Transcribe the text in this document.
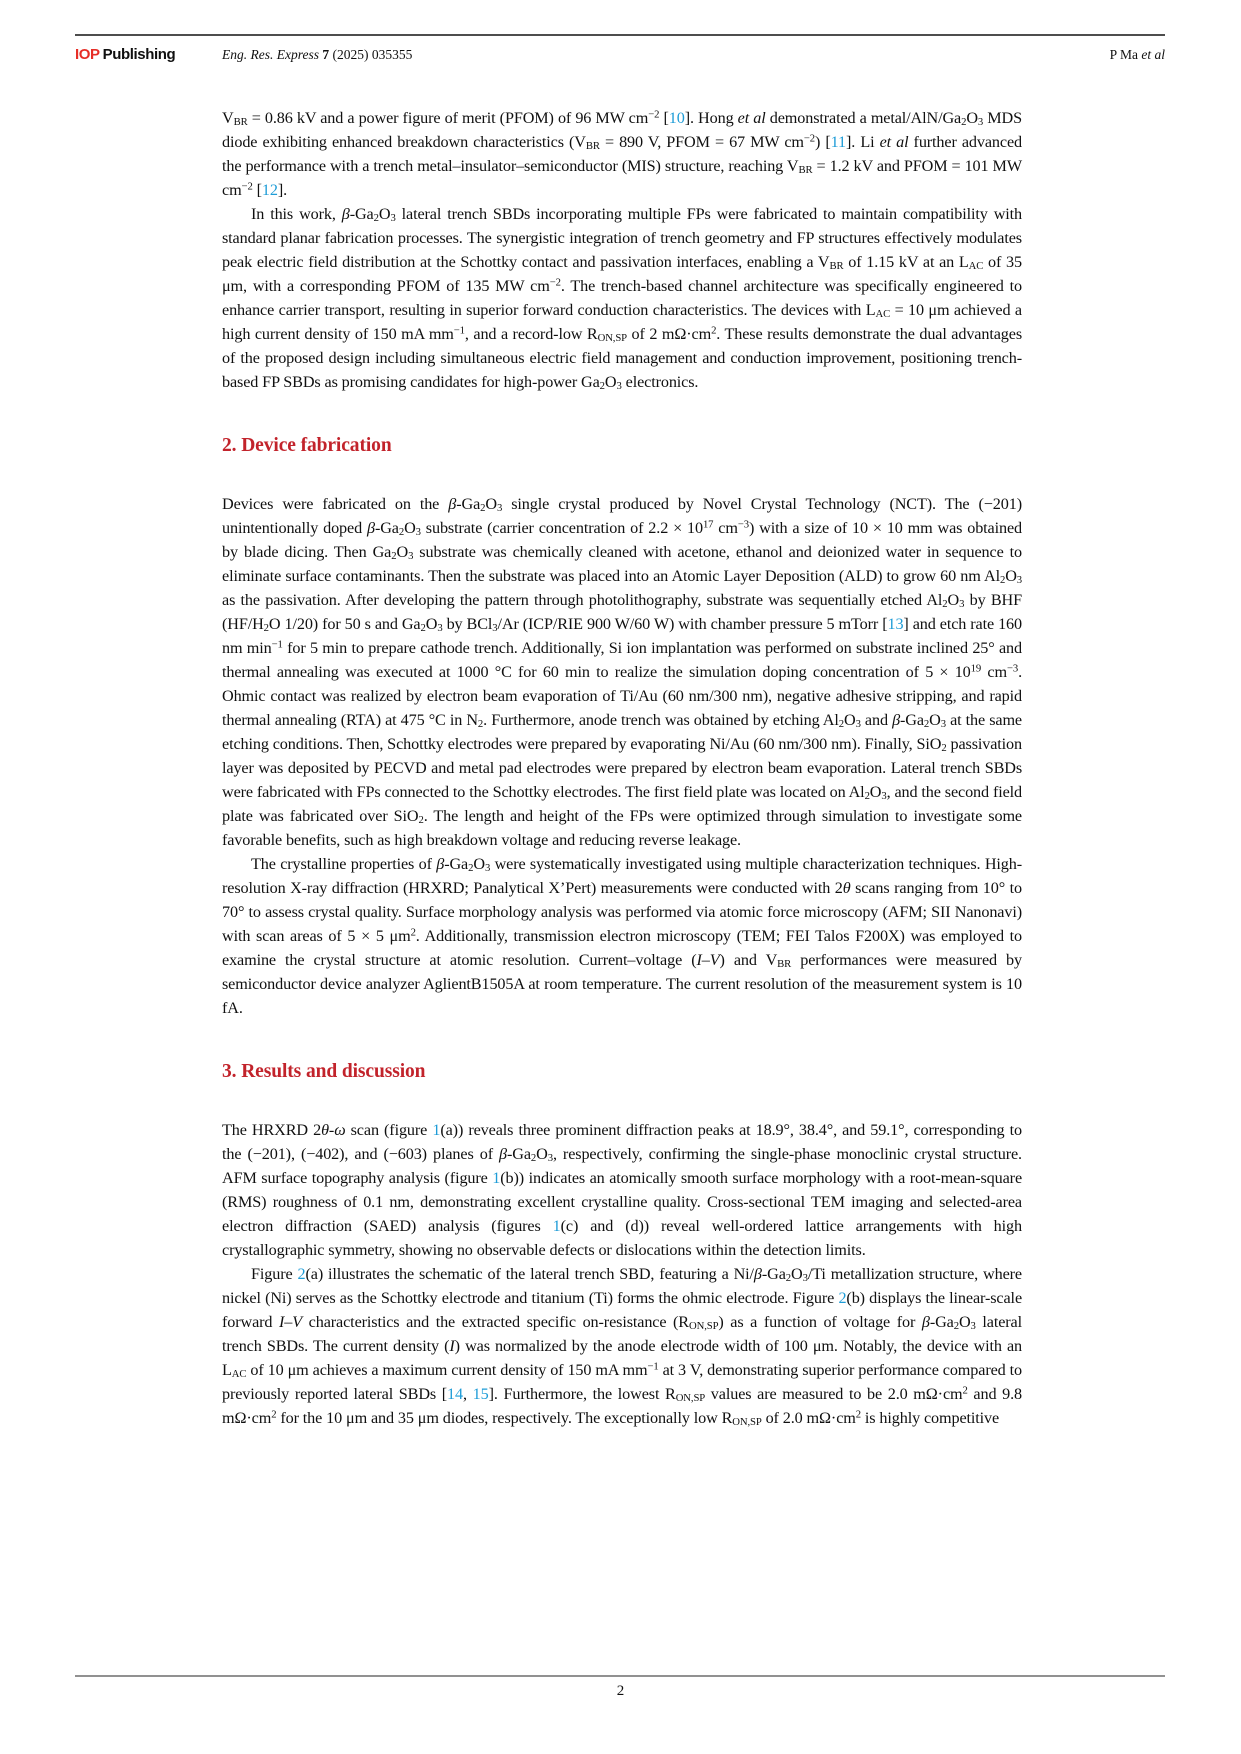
IOP Publishing	Eng. Res. Express 7 (2025) 035355	P Ma et al

$V_{BR} = 0.86$ kV and a power figure of merit (PFOM) of 96 MW $cm^{-2}$ [10]. Hong et al demonstrated a metal/$AlN/Ga_2O_3$ MDS diode exhibiting enhanced breakdown characteristics ($V_{BR} = 890$ V, PFOM = 67 MW $cm^{-2}$) [11]. Li et al further advanced the performance with a trench metal–insulator–semiconductor (MIS) structure, reaching $V_{BR} = 1.2$ kV and PFOM = 101 MW $cm^{-2}$ [12].

In this work, $\beta-Ga_2O_3$ lateral trench SBDs incorporating multiple FPs were fabricated to maintain compatibility with standard planar fabrication processes. The synergistic integration of trench geometry and FP structures effectively modulates peak electric field distribution at the Schottky contact and passivation interfaces, enabling a $V_{BR}$ of 1.15 kV at an $L_{AC}$ of 35 μm, with a corresponding PFOM of 135 MW $cm^{-2}$. The trench-based channel architecture was specifically engineered to enhance carrier transport, resulting in superior forward conduction characteristics. The devices with $L_{AC} = 10$ μm achieved a high current density of 150 mA $mm^{-1}$, and a record-low $R_{ON,SP}$ of 2 $m\Omega\cdot cm^2$. These results demonstrate the dual advantages of the proposed design including simultaneous electric field management and conduction improvement, positioning trench-based FP SBDs as promising candidates for high-power $Ga_2O_3$ electronics.

2. Device fabrication

Devices were fabricated on the $\beta-Ga_2O_3$ single crystal produced by Novel Crystal Technology (NCT). The (−201) unintentionally doped $\beta-Ga_2O_3$ substrate (carrier concentration of $2.2 \times 10^{17}$ $cm^{-3}$) with a size of 10 × 10 mm was obtained by blade dicing. Then $Ga_2O_3$ substrate was chemically cleaned with acetone, ethanol and deionized water in sequence to eliminate surface contaminants. Then the substrate was placed into an Atomic Layer Deposition (ALD) to grow 60 nm $Al_2O_3$ as the passivation. After developing the pattern through photolithography, substrate was sequentially etched $Al_2O_3$ by BHF ($HF/H_2O$ 1/20) for 50 s and $Ga_2O_3$ by BCl$_3$/Ar (ICP/RIE 900 W/60 W) with chamber pressure 5 mTorr [13] and etch rate 160 nm $\min^{-1}$ for 5 min to prepare cathode trench. Additionally, Si ion implantation was performed on substrate inclined 25° and thermal annealing was executed at 1000 °C for 60 min to realize the simulation doping concentration of $5 \times 10^{19}$ $cm^{-3}$. Ohmic contact was realized by electron beam evaporation of Ti/Au (60 nm/300 nm), negative adhesive stripping, and rapid thermal annealing (RTA) at 475 °C in $N_2$. Furthermore, anode trench was obtained by etching $Al_2O_3$ and $\beta-Ga_2O_3$ at the same etching conditions. Then, Schottky electrodes were prepared by evaporating Ni/Au (60 nm/300 nm). Finally, SiO$_2$ passivation layer was deposited by PECVD and metal pad electrodes were prepared by electron beam evaporation. Lateral trench SBDs were fabricated with FPs connected to the Schottky electrodes. The first field plate was located on $Al_2O_3$, and the second field plate was fabricated over SiO$_2$. The length and height of the FPs were optimized through simulation to investigate some favorable benefits, such as high breakdown voltage and reducing reverse leakage.

The crystalline properties of $\beta-Ga_2O_3$ were systematically investigated using multiple characterization techniques. High-resolution X-ray diffraction (HRXRD; Panalytical X’Pert) measurements were conducted with 2θ scans ranging from 10° to 70° to assess crystal quality. Surface morphology analysis was performed via atomic force microscopy (AFM; SII Nanonavi) with scan areas of 5 × 5 $\mu m^2$. Additionally, transmission electron microscopy (TEM; FEI Talos F200X) was employed to examine the crystal structure at atomic resolution. Current–voltage (I–V) and $V_{BR}$ performances were measured by semiconductor device analyzer AglientB1505A at room temperature. The current resolution of the measurement system is 10 fA.

3. Results and discussion

The HRXRD 2θ-ω scan (figure 1(a)) reveals three prominent diffraction peaks at 18.9°, 38.4°, and 59.1°, corresponding to the (−201), (−402), and (−603) planes of $\beta-Ga_2O_3$, respectively, confirming the single-phase monoclinic crystal structure. AFM surface topography analysis (figure 1(b)) indicates an atomically smooth surface morphology with a root-mean-square (RMS) roughness of 0.1 nm, demonstrating excellent crystalline quality. Cross-sectional TEM imaging and selected-area electron diffraction (SAED) analysis (figures 1(c) and (d)) reveal well-ordered lattice arrangements with high crystallographic symmetry, showing no observable defects or dislocations within the detection limits.

Figure 2(a) illustrates the schematic of the lateral trench SBD, featuring a $Ni/\beta-Ga_2O_3/Ti$ metallization structure, where nickel (Ni) serves as the Schottky electrode and titanium (Ti) forms the ohmic electrode. Figure 2(b) displays the linear-scale forward I–V characteristics and the extracted specific on-resistance $(R_{ON,SP})$ as a function of voltage for $\beta-Ga_2O_3$ lateral trench SBDs. The current density (I) was normalized by the anode electrode width of 100 μm. Notably, the device with an $L_{AC}$ of 10 μm achieves a maximum current density of 150 mA $mm^{-1}$ at 3 V, demonstrating superior performance compared to previously reported lateral SBDs [14, 15]. Furthermore, the lowest $R_{ON,SP}$ values are measured to be 2.0 $m\Omega\cdot cm^2$ and 9.8 $m\Omega\cdot cm^2$ for the 10 μm and 35 μm diodes, respectively. The exceptionally low $R_{ON,SP}$ of 2.0 $m\Omega\cdot cm^2$ is highly competitive

2
